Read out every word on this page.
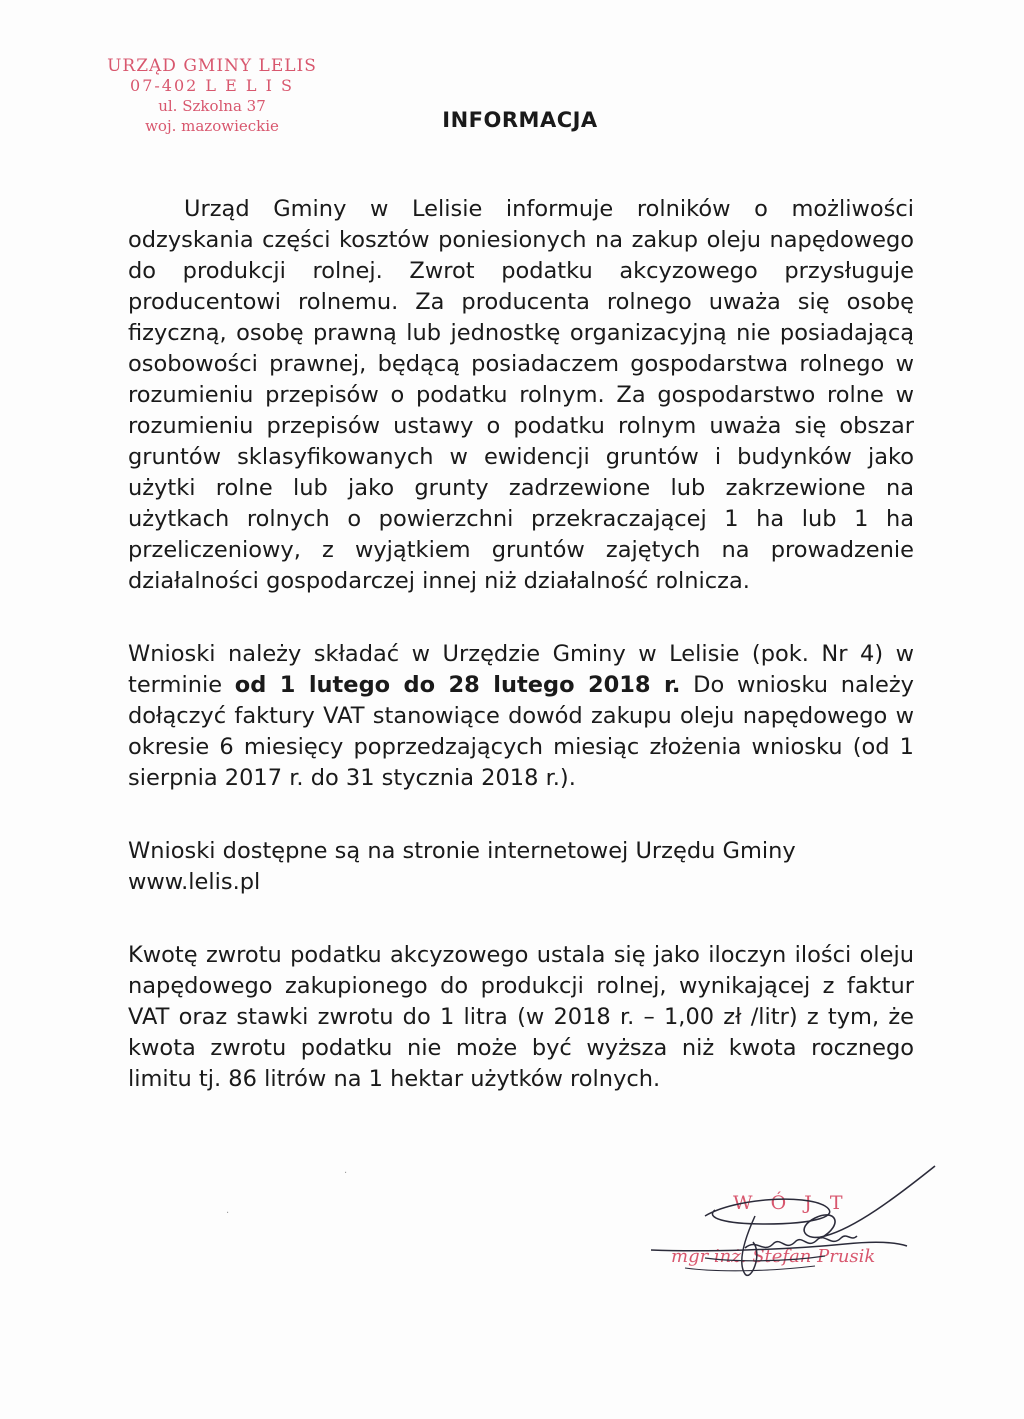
URZĄD GMINY LELIS
07-402 L E L I S
ul. Szkolna 37
woj. mazowieckie	INFORMACJA

Urząd Gminy w Lelisie informuje rolników o możliwości odzyskania części kosztów poniesionych na zakup oleju napędowego do produkcji rolnej. Zwrot podatku akcyzowego przysługuje producentowi rolnemu. Za producenta rolnego uważa się osobę fizyczną, osobę prawną lub jednostkę organizacyjną nie posiadającą osobowości prawnej, będącą posiadaczem gospodarstwa rolnego w rozumieniu przepisów o podatku rolnym. Za gospodarstwo rolne w rozumieniu przepisów ustawy o podatku rolnym uważa się obszar gruntów sklasyfikowanych w ewidencji gruntów i budynków jako użytki rolne lub jako grunty zadrzewione lub zakrzewione na użytkach rolnych o powierzchni przekraczającej 1 ha lub 1 ha przeliczeniowy, z wyjątkiem gruntów zajętych na prowadzenie działalności gospodarczej innej niż działalność rolnicza.

Wnioski należy składać w Urzędzie Gminy w Lelisie (pok. Nr 4) w terminie od 1 lutego do 28 lutego 2018 r. Do wniosku należy dołączyć faktury VAT stanowiące dowód zakupu oleju napędowego w okresie 6 miesięcy poprzedzających miesiąc złożenia wniosku (od 1 sierpnia 2017 r. do 31 stycznia 2018 r.).

Wnioski dostępne są na stronie internetowej Urzędu Gminy
www.lelis.pl

Kwotę zwrotu podatku akcyzowego ustala się jako iloczyn ilości oleju napędowego zakupionego do produkcji rolnej, wynikającej z faktur VAT oraz stawki zwrotu do 1 litra (w 2018 r. – 1,00 zł /litr) z tym, że kwota zwrotu podatku nie może być wyższa niż kwota rocznego limitu tj. 86 litrów na 1 hektar użytków rolnych.

W Ó J T
mgr inż. Stefan Prusik
·
·
